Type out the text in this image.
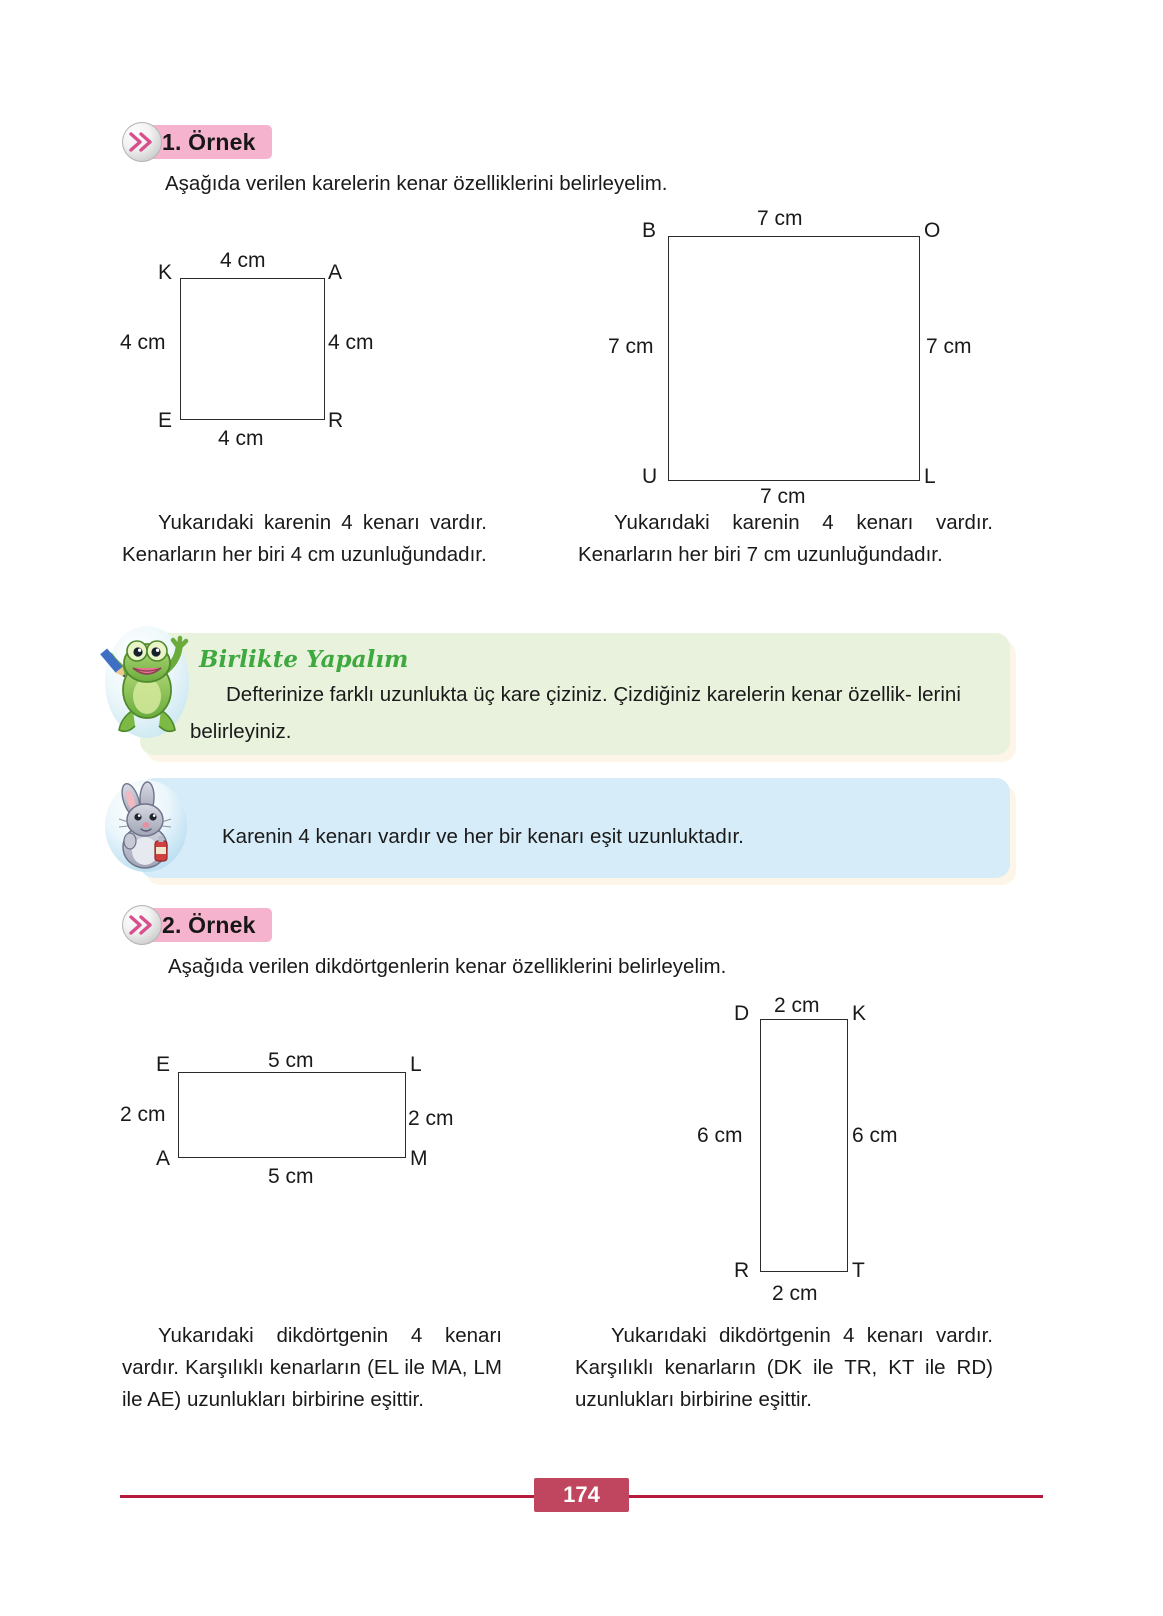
1. Örnek
Aşağıda verilen karelerin kenar özelliklerini belirleyelim.
K	A
E	R
4 cm
4 cm	4 cm
4 cm
B	O
U	L
7 cm
7 cm	7 cm
7 cm
Yukarıdaki karenin 4 kenarı vardır. Kenarların her biri 4 cm uzunluğundadır.
Yukarıdaki karenin 4 kenarı vardır. Kenarların her biri 7 cm uzunluğundadır.
Birlikte Yapalım
Defterinize farklı uzunlukta üç kare çiziniz. Çizdiğiniz karelerin kenar özellik- lerini belirleyiniz.
Karenin 4 kenarı vardır ve her bir kenarı eşit uzunluktadır.
2. Örnek
Aşağıda verilen dikdörtgenlerin kenar özelliklerini belirleyelim.
E	L
A	M
5 cm
2 cm	2 cm
5 cm
D	K
R	T
2 cm
6 cm	6 cm
2 cm
Yukarıdaki dikdörtgenin 4 kenarı vardır. Karşılıklı kenarların (EL ile MA, LM ile AE) uzunlukları birbirine eşittir.
Yukarıdaki dikdörtgenin 4 kenarı vardır. Karşılıklı kenarların (DK ile TR, KT ile RD) uzunlukları birbirine eşittir.
174
